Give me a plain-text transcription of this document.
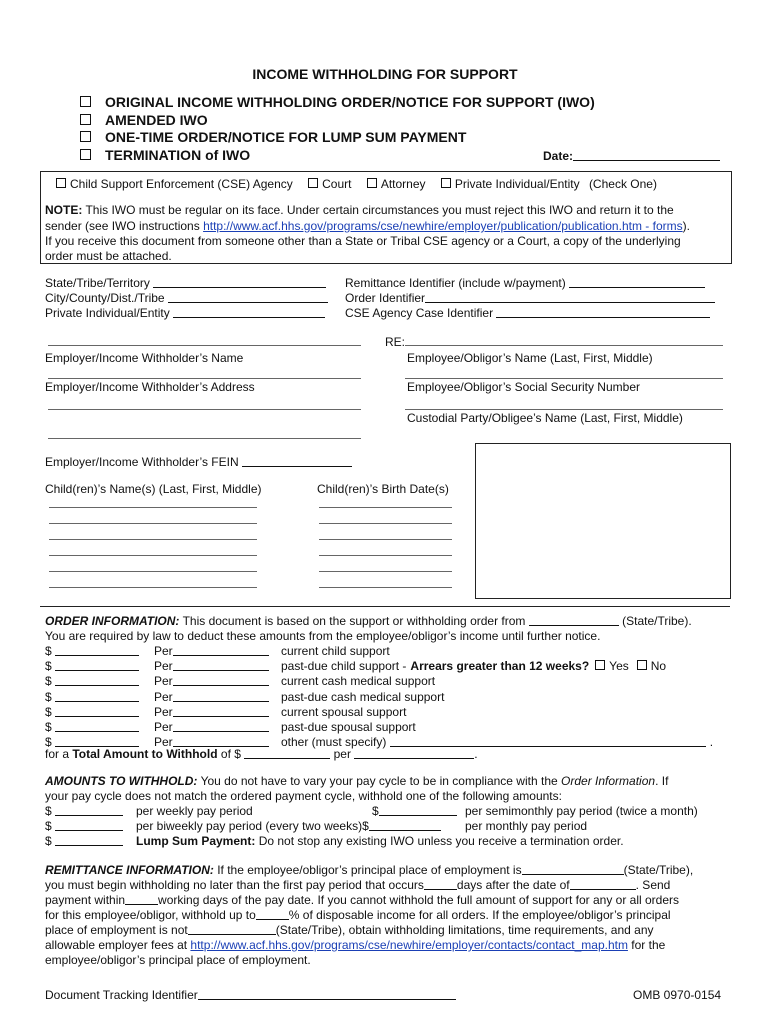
INCOME WITHHOLDING FOR SUPPORT
ORIGINAL INCOME WITHHOLDING ORDER/NOTICE FOR SUPPORT (IWO)
AMENDED IWO
ONE-TIME ORDER/NOTICE FOR LUMP SUM PAYMENT
TERMINATION of IWO	Date:
Child Support Enforcement (CSE) Agency Court Attorney Private Individual/Entity (Check One)
NOTE: This IWO must be regular on its face. Under certain circumstances you must reject this IWO and return it to the
sender (see IWO instructions http://www.acf.hhs.gov/programs/cse/newhire/employer/publication/publication.htm - forms).
If you receive this document from someone other than a State or Tribal CSE agency or a Court, a copy of the underlying
order must be attached.
State/Tribe/Territory
City/County/Dist./Tribe
Private Individual/Entity
Remittance Identifier (include w/payment)
Order Identifier
CSE Agency Case Identifier
RE:
Employer/Income Withholder’s Name	Employee/Obligor’s Name (Last, First, Middle)
Employer/Income Withholder’s Address	Employee/Obligor’s Social Security Number
Custodial Party/Obligee’s Name (Last, First, Middle)
Employer/Income Withholder’s FEIN
Child(ren)’s Name(s) (Last, First, Middle)	Child(ren)’s Birth Date(s)
ORDER INFORMATION: This document is based on the support or withholding order from	(State/Tribe).
You are required by law to deduct these amounts from the employee/obligor’s income until further notice.
$	Per	current child support
$	Per	past-due child support - Arrears greater than 12 weeks? Yes No
$	Per	current cash medical support
$	Per	past-due cash medical support
$	Per	current spousal support
$	Per	past-due spousal support
$	Per	other (must specify)	.
for a Total Amount to Withhold of $	per	.
AMOUNTS TO WITHHOLD: You do not have to vary your pay cycle to be in compliance with the Order Information. If
your pay cycle does not match the ordered payment cycle, withhold one of the following amounts:
$	per weekly pay period	$	per semimonthly pay period (twice a month)
$	per biweekly pay period (every two weeks)$	per monthly pay period
$	Lump Sum Payment: Do not stop any existing IWO unless you receive a termination order.
REMITTANCE INFORMATION: If the employee/obligor’s principal place of employment is	(State/Tribe),
you must begin withholding no later than the first pay period that occurs	days after the date of	. Send
payment within	working days of the pay date. If you cannot withhold the full amount of support for any or all orders
for this employee/obligor, withhold up to	% of disposable income for all orders. If the employee/obligor’s principal
place of employment is not	(State/Tribe), obtain withholding limitations, time requirements, and any
allowable employer fees at http://www.acf.hhs.gov/programs/cse/newhire/employer/contacts/contact_map.htm for the
employee/obligor’s principal place of employment.
Document Tracking Identifier	OMB 0970-0154
